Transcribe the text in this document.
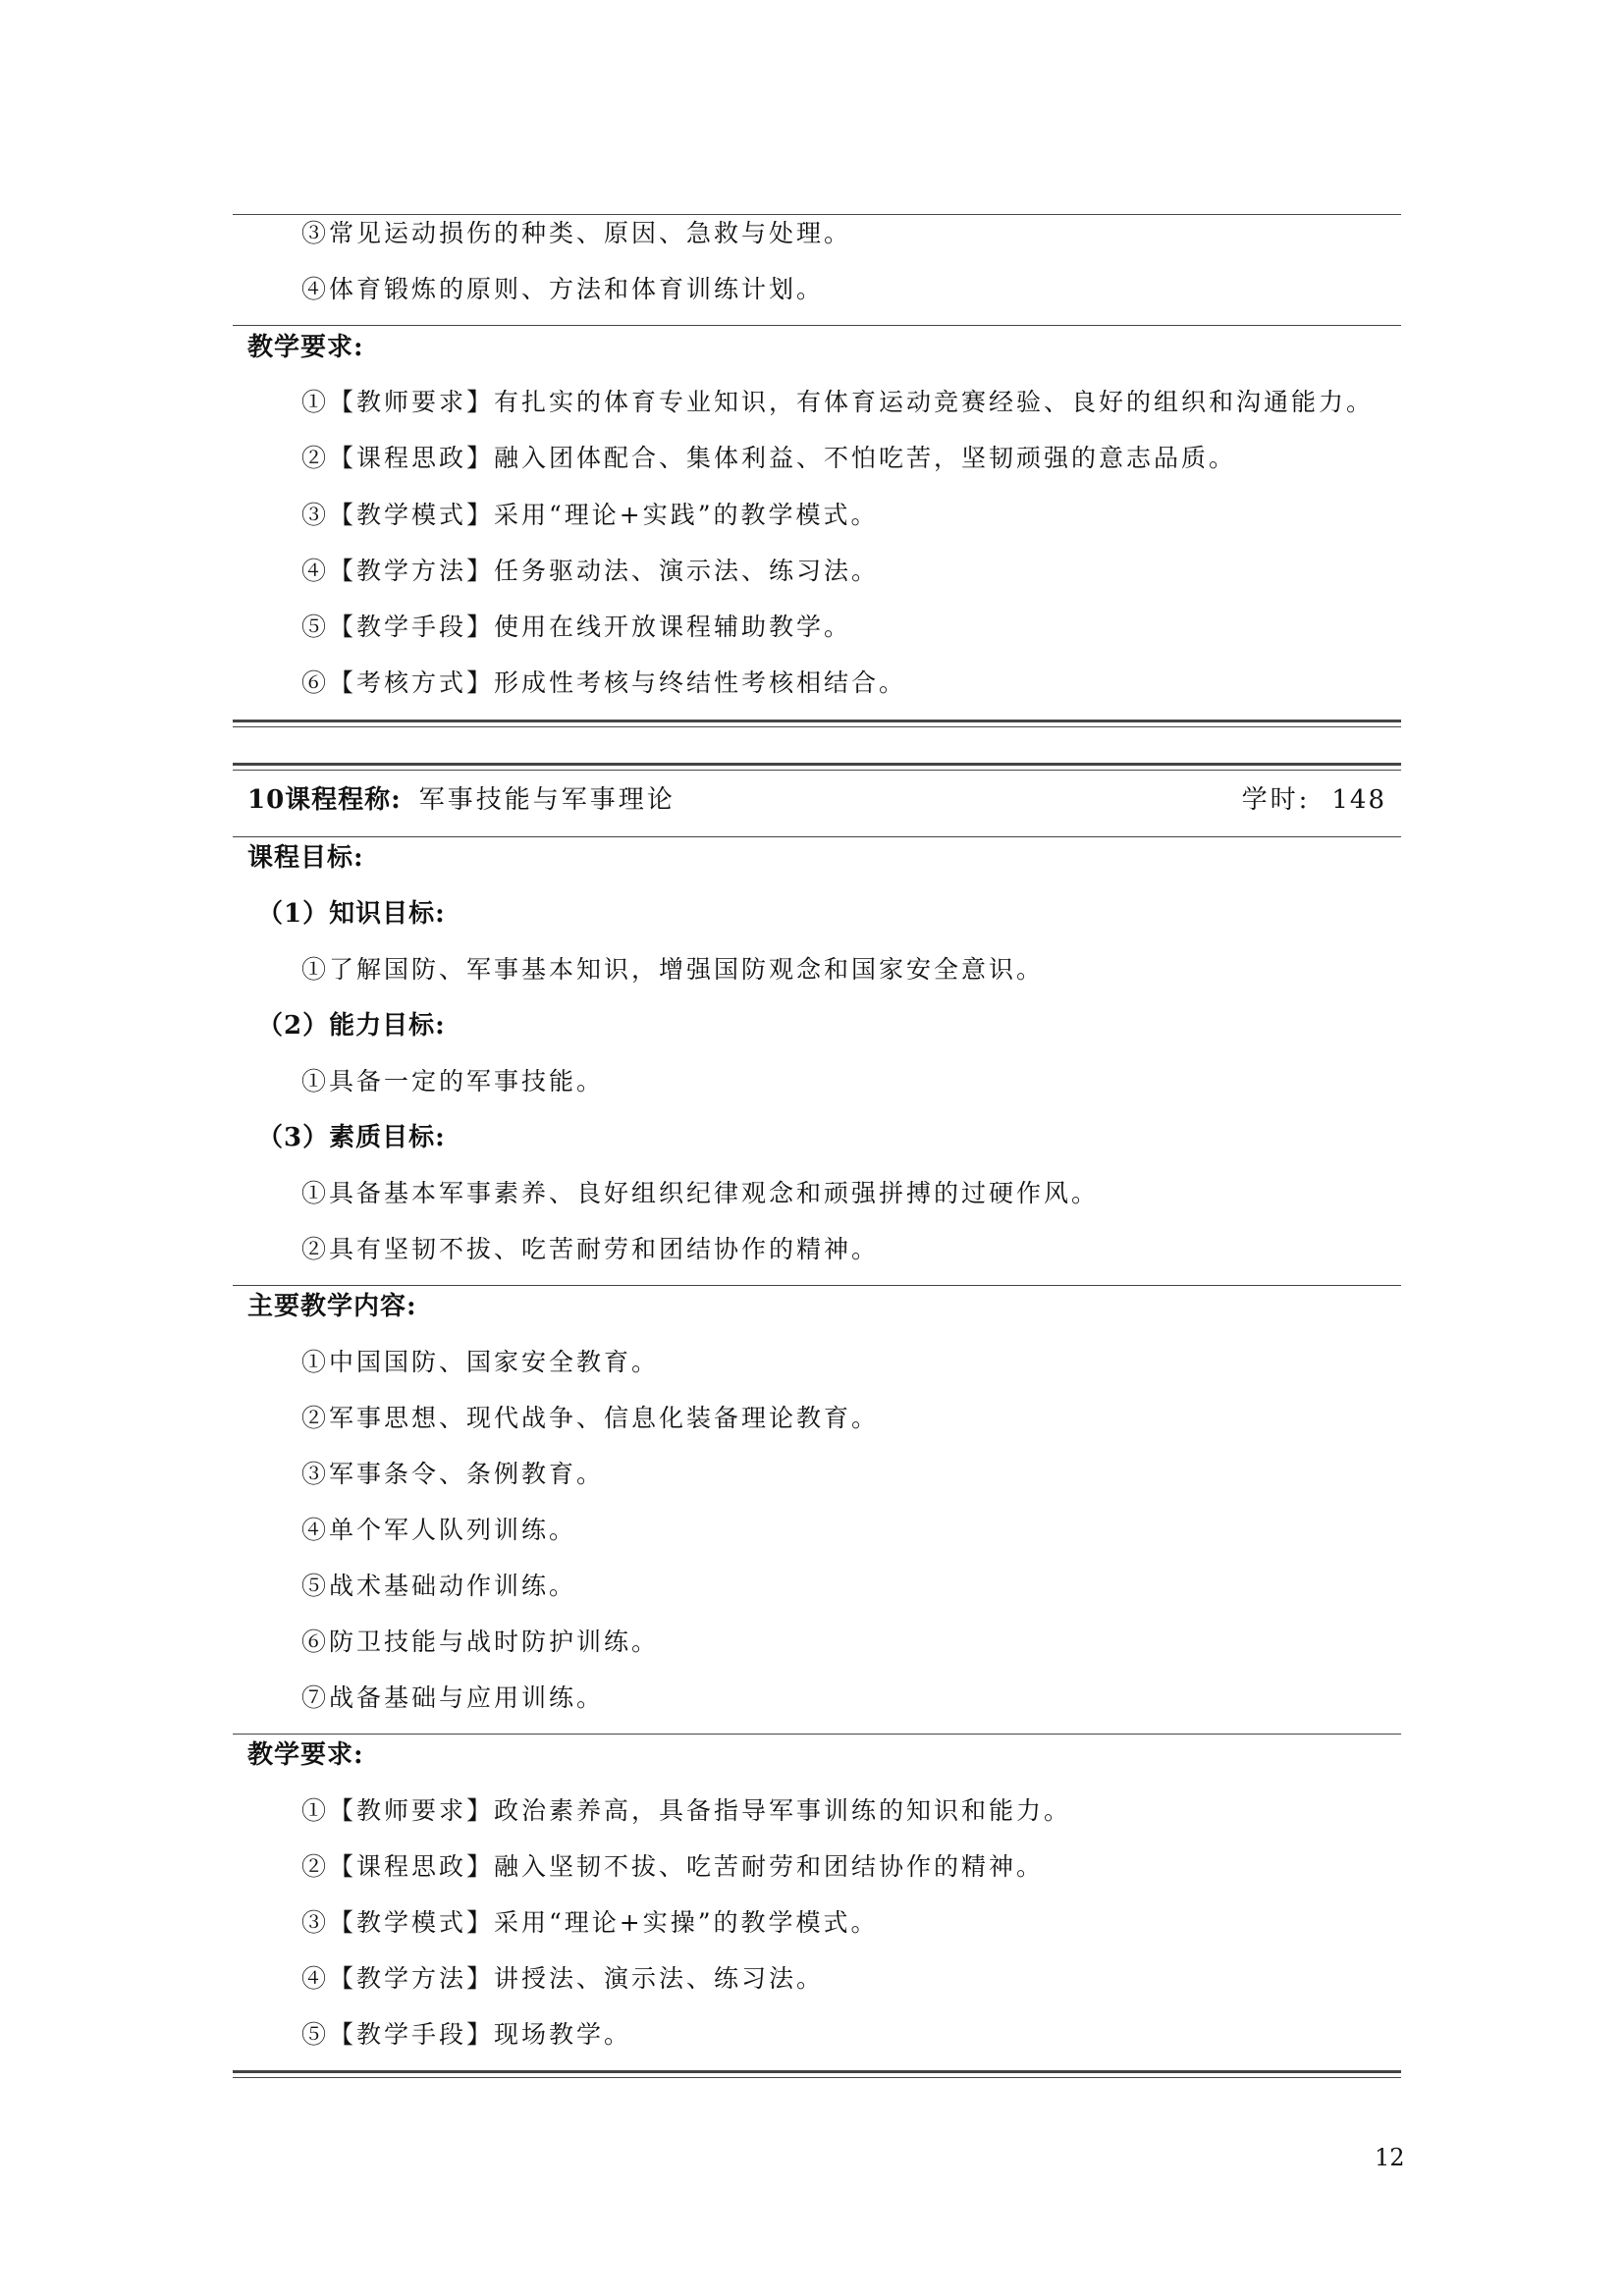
③常见运动损伤的种类、原因、急救与处理。
④体育锻炼的原则、方法和体育训练计划。
教学要求:
①【教师要求】有扎实的体育专业知识，有体育运动竞赛经验、良好的组织和沟通能力。
②【课程思政】融入团体配合、集体利益、不怕吃苦，坚韧顽强的意志品质。
③【教学模式】采用“理论+实践”的教学模式。
④【教学方法】任务驱动法、演示法、练习法。
⑤【教学手段】使用在线开放课程辅助教学。
⑥【考核方式】形成性考核与终结性考核相结合。
10课程程称: 军事技能与军事理论	学时: 148
课程目标:
（1）知识目标:
①了解国防、军事基本知识，增强国防观念和国家安全意识。
（2）能力目标:
①具备一定的军事技能。
（3）素质目标:
①具备基本军事素养、良好组织纪律观念和顽强拼搏的过硬作风。
②具有坚韧不拔、吃苦耐劳和团结协作的精神。
主要教学内容:
①中国国防、国家安全教育。
②军事思想、现代战争、信息化装备理论教育。
③军事条令、条例教育。
④单个军人队列训练。
⑤战术基础动作训练。
⑥防卫技能与战时防护训练。
⑦战备基础与应用训练。
教学要求:
①【教师要求】政治素养高，具备指导军事训练的知识和能力。
②【课程思政】融入坚韧不拔、吃苦耐劳和团结协作的精神。
③【教学模式】采用“理论+实操”的教学模式。
④【教学方法】讲授法、演示法、练习法。
⑤【教学手段】现场教学。
12
